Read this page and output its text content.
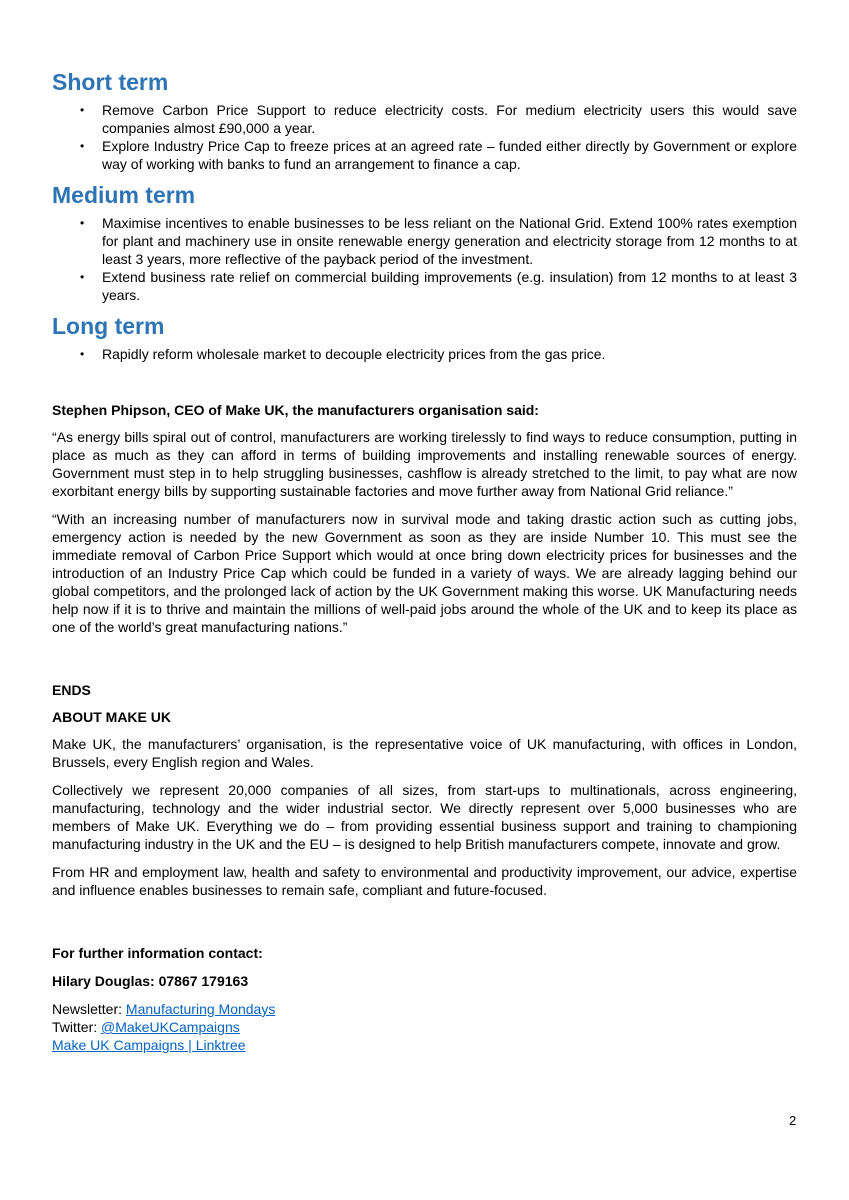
Short term
• Remove Carbon Price Support to reduce electricity costs. For medium electricity users this would save companies almost £90,000 a year.
• Explore Industry Price Cap to freeze prices at an agreed rate – funded either directly by Government or explore way of working with banks to fund an arrangement to finance a cap.
Medium term
• Maximise incentives to enable businesses to be less reliant on the National Grid. Extend 100% rates exemption for plant and machinery use in onsite renewable energy generation and electricity storage from 12 months to at least 3 years, more reflective of the payback period of the investment.
• Extend business rate relief on commercial building improvements (e.g. insulation) from 12 months to at least 3 years.
Long term
• Rapidly reform wholesale market to decouple electricity prices from the gas price.

Stephen Phipson, CEO of Make UK, the manufacturers organisation said:

“As energy bills spiral out of control, manufacturers are working tirelessly to find ways to reduce consumption, putting in place as much as they can afford in terms of building improvements and installing renewable sources of energy. Government must step in to help struggling businesses, cashflow is already stretched to the limit, to pay what are now exorbitant energy bills by supporting sustainable factories and move further away from National Grid reliance.”

“With an increasing number of manufacturers now in survival mode and taking drastic action such as cutting jobs, emergency action is needed by the new Government as soon as they are inside Number 10. This must see the immediate removal of Carbon Price Support which would at once bring down electricity prices for businesses and the introduction of an Industry Price Cap which could be funded in a variety of ways. We are already lagging behind our global competitors, and the prolonged lack of action by the UK Government making this worse. UK Manufacturing needs help now if it is to thrive and maintain the millions of well-paid jobs around the whole of the UK and to keep its place as one of the world’s great manufacturing nations.”

ENDS

ABOUT MAKE UK

Make UK, the manufacturers’ organisation, is the representative voice of UK manufacturing, with offices in London, Brussels, every English region and Wales.

Collectively we represent 20,000 companies of all sizes, from start-ups to multinationals, across engineering, manufacturing, technology and the wider industrial sector. We directly represent over 5,000 businesses who are members of Make UK. Everything we do – from providing essential business support and training to championing manufacturing industry in the UK and the EU – is designed to help British manufacturers compete, innovate and grow.

From HR and employment law, health and safety to environmental and productivity improvement, our advice, expertise and influence enables businesses to remain safe, compliant and future-focused.

For further information contact:

Hilary Douglas: 07867 179163

Newsletter: Manufacturing Mondays

Twitter: @MakeUKCampaigns

Make UK Campaigns | Linktree

2
